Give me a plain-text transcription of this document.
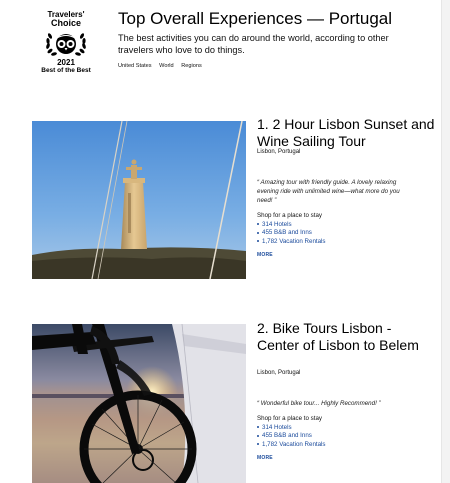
Travelers'
Choice
2021
Best of the Best
Top Overall Experiences — Portugal
The best activities you can do around the world, according to other travelers who love to do things.
United States World Regions
1. 2 Hour Lisbon Sunset and Wine Sailing Tour
Lisbon, Portugal
“ Amazing tour with friendly guide. A lovely relaxing evening ride with unlimited wine—what more do you need! ”
Shop for a place to stay
314 Hotels
455 B&B and Inns
1,782 Vacation Rentals
MORE
2. Bike Tours Lisbon - Center of Lisbon to Belem
Lisbon, Portugal
“ Wonderful bike tour... Highly Recommend! ”
Shop for a place to stay
314 Hotels
455 B&B and Inns
1,782 Vacation Rentals
MORE
